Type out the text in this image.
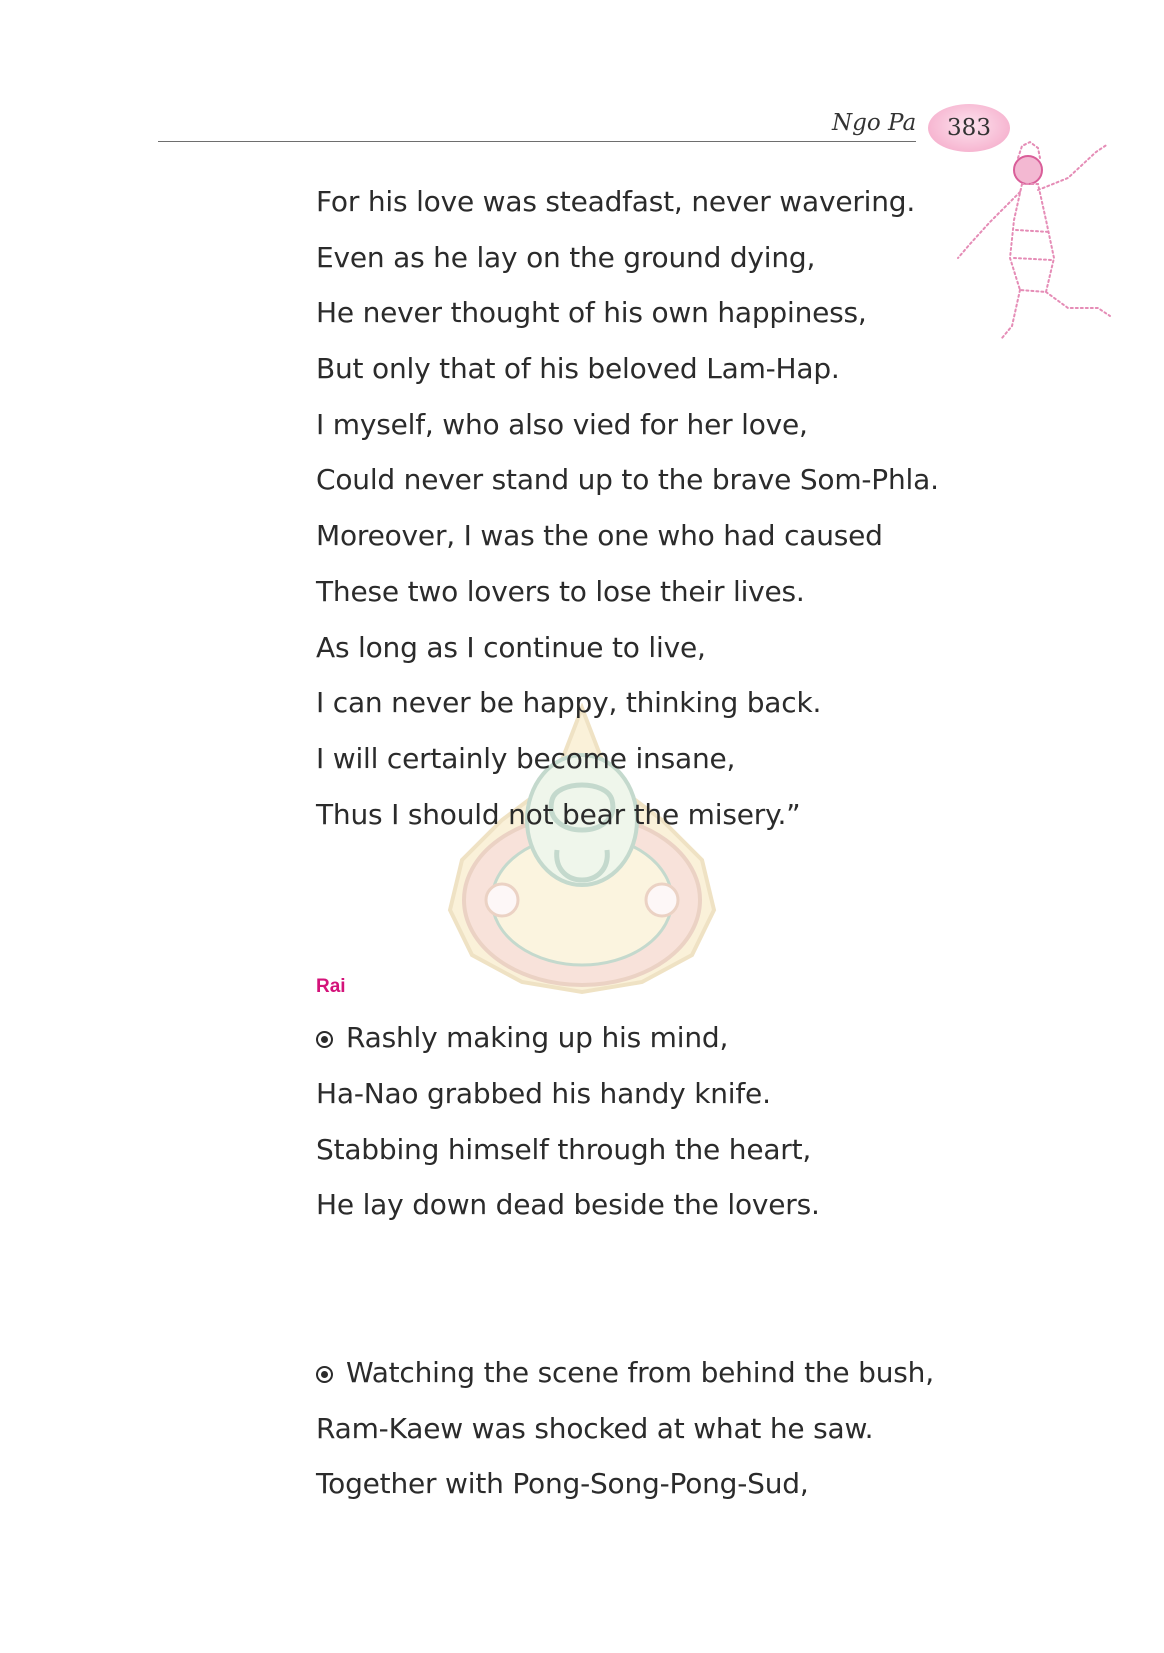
Ngo Pa 383
For his love was steadfast, never wavering.
Even as he lay on the ground dying,
He never thought of his own happiness,
But only that of his beloved Lam-Hap.
I myself, who also vied for her love,
Could never stand up to the brave Som-Phla.
Moreover, I was the one who had caused
These two lovers to lose their lives.
As long as I continue to live,
I can never be happy, thinking back.
I will certainly become insane,
Thus I should not bear the misery.”
Rai
Rashly making up his mind,
Ha-Nao grabbed his handy knife.
Stabbing himself through the heart,
He lay down dead beside the lovers.
Watching the scene from behind the bush,
Ram-Kaew was shocked at what he saw.
Together with Pong-Song-Pong-Sud,
